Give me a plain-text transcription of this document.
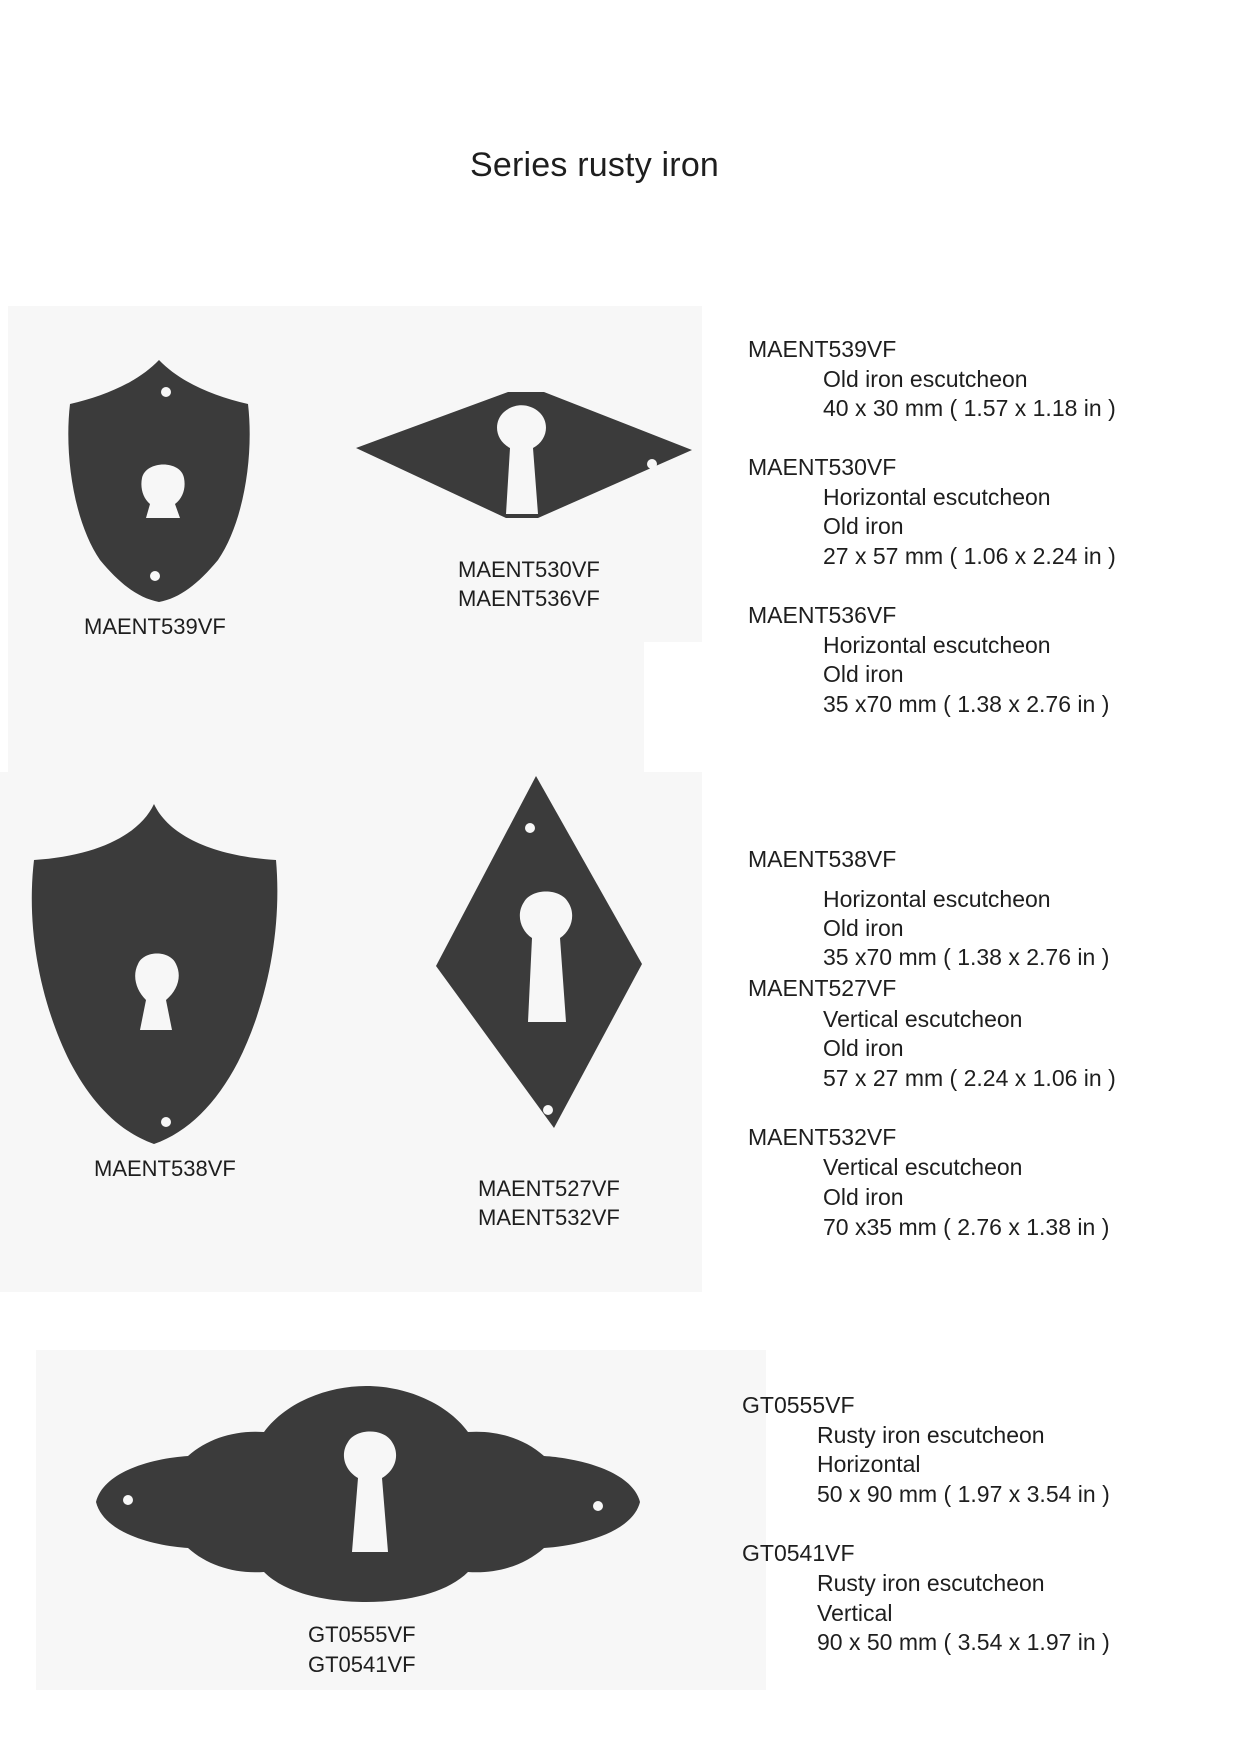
Series rusty iron
MAENT539VF
MAENT530VF
MAENT536VF
MAENT538VF
MAENT527VF
MAENT532VF
GT0555VF
GT0541VF
MAENT539VF
Old iron escutcheon
40 x 30 mm ( 1.57 x 1.18 in )
MAENT530VF
Horizontal escutcheon
Old iron
27 x 57 mm ( 1.06 x 2.24 in )
MAENT536VF
Horizontal escutcheon
Old iron
35 x70 mm ( 1.38 x 2.76 in )
MAENT538VF
Horizontal escutcheon
Old iron
35 x70 mm ( 1.38 x 2.76 in )
MAENT527VF
Vertical escutcheon
Old iron
57 x 27 mm ( 2.24 x 1.06 in )
MAENT532VF
Vertical escutcheon
Old iron
70 x35 mm ( 2.76 x 1.38 in )
GT0555VF
Rusty iron escutcheon
Horizontal
50 x 90 mm ( 1.97 x 3.54 in )
GT0541VF
Rusty iron escutcheon
Vertical
90 x 50 mm ( 3.54 x 1.97 in )
